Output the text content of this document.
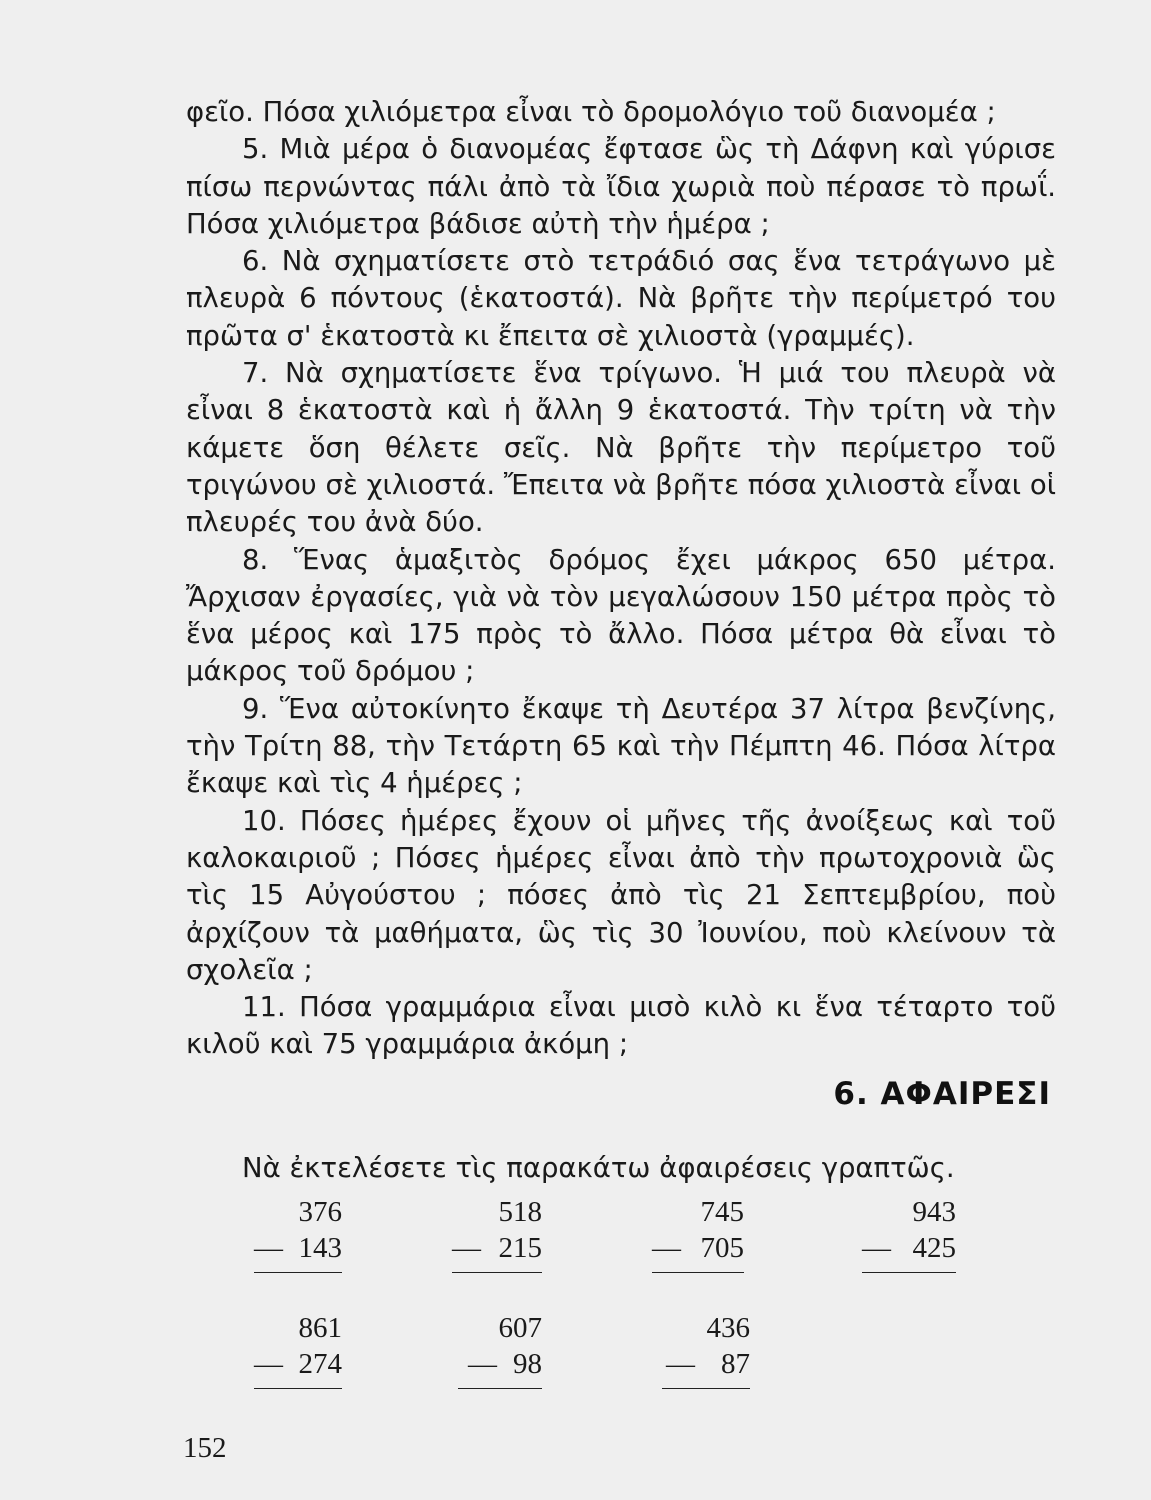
φεῖο. Πόσα χιλιόμετρα εἶναι τὸ δρομολόγιο τοῦ διανομέα ;

5. Μιὰ μέρα ὁ διανομέας ἔφτασε ὣς τὴ Δάφνη καὶ γύρισε πίσω περνώντας πάλι ἀπὸ τὰ ἴδια χωριὰ ποὺ πέρασε τὸ πρωΐ. Πόσα χιλιόμετρα βάδισε αὐτὴ τὴν ἡμέρα ;

6. Νὰ σχηματίσετε στὸ τετράδιό σας ἕνα τετράγωνο μὲ πλευρὰ 6 πόντους (ἑκατοστά). Νὰ βρῆτε τὴν περίμετρό του πρῶτα σ' ἑκατοστὰ κι ἔπειτα σὲ χιλιοστὰ (γραμμές).

7. Νὰ σχηματίσετε ἕνα τρίγωνο. Ἡ μιά του πλευρὰ νὰ εἶναι 8 ἑκατοστὰ καὶ ἡ ἄλλη 9 ἑκατοστά. Τὴν τρίτη νὰ τὴν κάμετε ὅση θέλετε σεῖς. Νὰ βρῆτε τὴν περίμετρο τοῦ τριγώνου σὲ χιλιοστά. Ἔπειτα νὰ βρῆτε πόσα χιλιοστὰ εἶναι οἱ πλευρές του ἀνὰ δύο.

8. Ἕνας ἁμαξιτὸς δρόμος ἔχει μάκρος 650 μέτρα. Ἄρχισαν ἐργασίες, γιὰ νὰ τὸν μεγαλώσουν 150 μέτρα πρὸς τὸ ἕνα μέρος καὶ 175 πρὸς τὸ ἄλλο. Πόσα μέτρα θὰ εἶναι τὸ μάκρος τοῦ δρόμου ;

9. Ἕνα αὐτοκίνητο ἔκαψε τὴ Δευτέρα 37 λίτρα βενζίνης, τὴν Τρίτη 88, τὴν Τετάρτη 65 καὶ τὴν Πέμπτη 46. Πόσα λίτρα ἔκαψε καὶ τὶς 4 ἡμέρες ;

10. Πόσες ἡμέρες ἔχουν οἱ μῆνες τῆς ἀνοίξεως καὶ τοῦ καλοκαιριοῦ ; Πόσες ἡμέρες εἶναι ἀπὸ τὴν πρωτοχρονιὰ ὣς τὶς 15 Αὐγούστου ; πόσες ἀπὸ τὶς 21 Σεπτεμβρίου, ποὺ ἀρχίζουν τὰ μαθήματα, ὣς τὶς 30 Ἰουνίου, ποὺ κλείνουν τὰ σχολεῖα ;

11. Πόσα γραμμάρια εἶναι μισὸ κιλὸ κι ἕνα τέταρτο τοῦ κιλοῦ καὶ 75 γραμμάρια ἀκόμη ;

6. ΑΦΑΙΡΕΣΙ
Νὰ ἐκτελέσετε τὶς παρακάτω ἀφαιρέσεις γραπτῶς.
376
— 143
518
— 215
745
— 705
943
— 425
861
— 274
607
— 98
436
— 87
152
